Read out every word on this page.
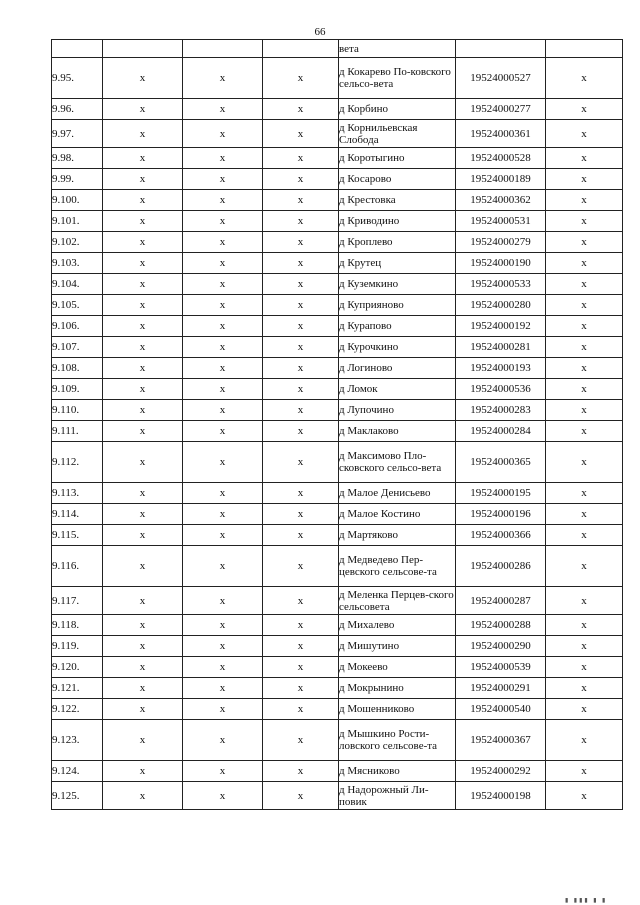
66
				вета		
9.95.	x	x	x	д Кокарево По-ковского сельсо-вета	19524000527	x
9.96.	x	x	x	д Корбино	19524000277	x
9.97.	x	x	x	д Корнильевская Слобода	19524000361	x
9.98.	x	x	x	д Коротыгино	19524000528	x
9.99.	x	x	x	д Косарово	19524000189	x
9.100.	x	x	x	д Крестовка	19524000362	x
9.101.	x	x	x	д Криводино	19524000531	x
9.102.	x	x	x	д Кроплево	19524000279	x
9.103.	x	x	x	д Крутец	19524000190	x
9.104.	x	x	x	д Куземкино	19524000533	x
9.105.	x	x	x	д Куприяново	19524000280	x
9.106.	x	x	x	д Курапово	19524000192	x
9.107.	x	x	x	д Курочкино	19524000281	x
9.108.	x	x	x	д Логиново	19524000193	x
9.109.	x	x	x	д Ломок	19524000536	x
9.110.	x	x	x	д Лупочино	19524000283	x
9.111.	x	x	x	д Маклаково	19524000284	x
9.112.	x	x	x	д Максимово Пло-сковского сельсо-вета	19524000365	x
9.113.	x	x	x	д Малое Денисьево	19524000195	x
9.114.	x	x	x	д Малое Костино	19524000196	x
9.115.	x	x	x	д Мартяково	19524000366	x
9.116.	x	x	x	д Медведево Пер-цевского сельсове-та	19524000286	x
9.117.	x	x	x	д Меленка Перцев-ского сельсовета	19524000287	x
9.118.	x	x	x	д Михалево	19524000288	x
9.119.	x	x	x	д Мишутино	19524000290	x
9.120.	x	x	x	д Мокеево	19524000539	x
9.121.	x	x	x	д Мокрынино	19524000291	x
9.122.	x	x	x	д Мошенниково	19524000540	x
9.123.	x	x	x	д Мышкино Рости-ловского сельсове-та	19524000367	x
9.124.	x	x	x	д Мясниково	19524000292	x
9.125.	x	x	x	д Надорожный Ли-повик	19524000198	x
▮ ▮▮▮ ▮ ▮
